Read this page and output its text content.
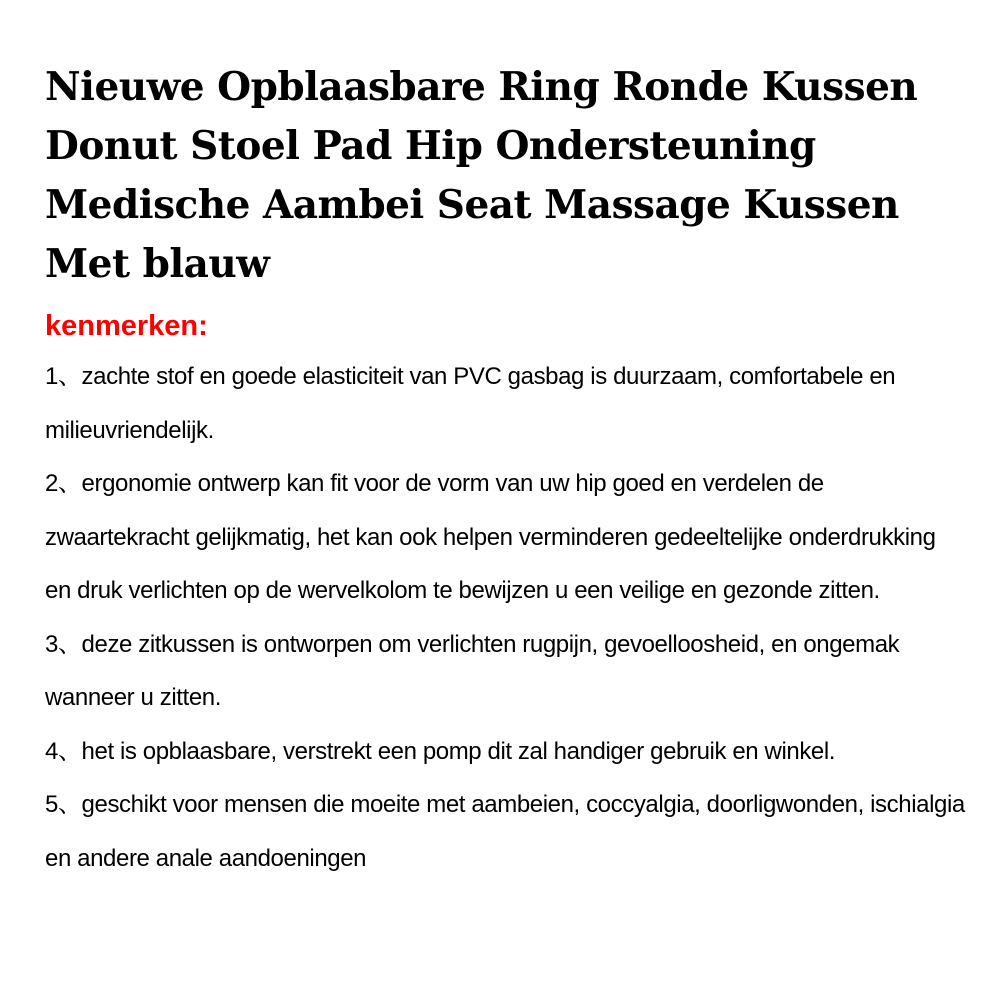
Nieuwe Opblaasbare Ring Ronde Kussen Donut Stoel Pad Hip Ondersteuning Medische Aambei Seat Massage Kussen Met blauw
kenmerken:
1、zachte stof en goede elasticiteit van PVC gasbag is duurzaam, comfortabele en milieuvriendelijk.
2、ergonomie ontwerp kan fit voor de vorm van uw hip goed en verdelen de zwaartekracht gelijkmatig, het kan ook helpen verminderen gedeeltelijke onderdrukking en druk verlichten op de wervelkolom te bewijzen u een veilige en gezonde zitten.
3、deze zitkussen is ontworpen om verlichten rugpijn, gevoelloosheid, en ongemak wanneer u zitten.
4、het is opblaasbare, verstrekt een pomp dit zal handiger gebruik en winkel.
5、geschikt voor mensen die moeite met aambeien, coccyalgia, doorligwonden, ischialgia en andere anale aandoeningen
